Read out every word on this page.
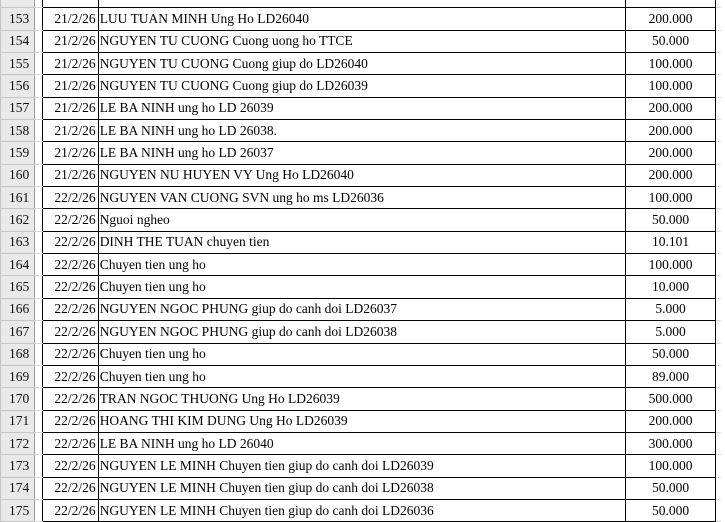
153		21/2/26	LUU TUAN MINH Ung Ho LD26040	200.000	
154		21/2/26	NGUYEN TU CUONG Cuong uong ho TTCE	50.000	
155		21/2/26	NGUYEN TU CUONG Cuong giup do LD26040	100.000	
156		21/2/26	NGUYEN TU CUONG Cuong giup do LD26039	100.000	
157		21/2/26	LE BA NINH ung ho LD 26039	200.000	
158		21/2/26	LE BA NINH ung ho LD 26038.	200.000	
159		21/2/26	LE BA NINH ung ho LD 26037	200.000	
160		21/2/26	NGUYEN NU HUYEN VY Ung Ho LD26040	200.000	
161		22/2/26	NGUYEN VAN CUONG SVN ung ho ms LD26036	100.000	
162		22/2/26	Nguoi ngheo	50.000	
163		22/2/26	DINH THE TUAN chuyen tien	10.101	
164		22/2/26	Chuyen tien ung ho	100.000	
165		22/2/26	Chuyen tien ung ho	10.000	
166		22/2/26	NGUYEN NGOC PHUNG giup do canh doi LD26037	5.000	
167		22/2/26	NGUYEN NGOC PHUNG giup do canh doi LD26038	5.000	
168		22/2/26	Chuyen tien ung ho	50.000	
169		22/2/26	Chuyen tien ung ho	89.000	
170		22/2/26	TRAN NGOC THUONG Ung Ho LD26039	500.000	
171		22/2/26	HOANG THI KIM DUNG Ung Ho LD26039	200.000	
172		22/2/26	LE BA NINH ung ho LD 26040	300.000	
173		22/2/26	NGUYEN LE MINH Chuyen tien giup do canh doi LD26039	100.000	
174		22/2/26	NGUYEN LE MINH Chuyen tien giup do canh doi LD26038	50.000	
175		22/2/26	NGUYEN LE MINH Chuyen tien giup do canh doi LD26036	50.000	
